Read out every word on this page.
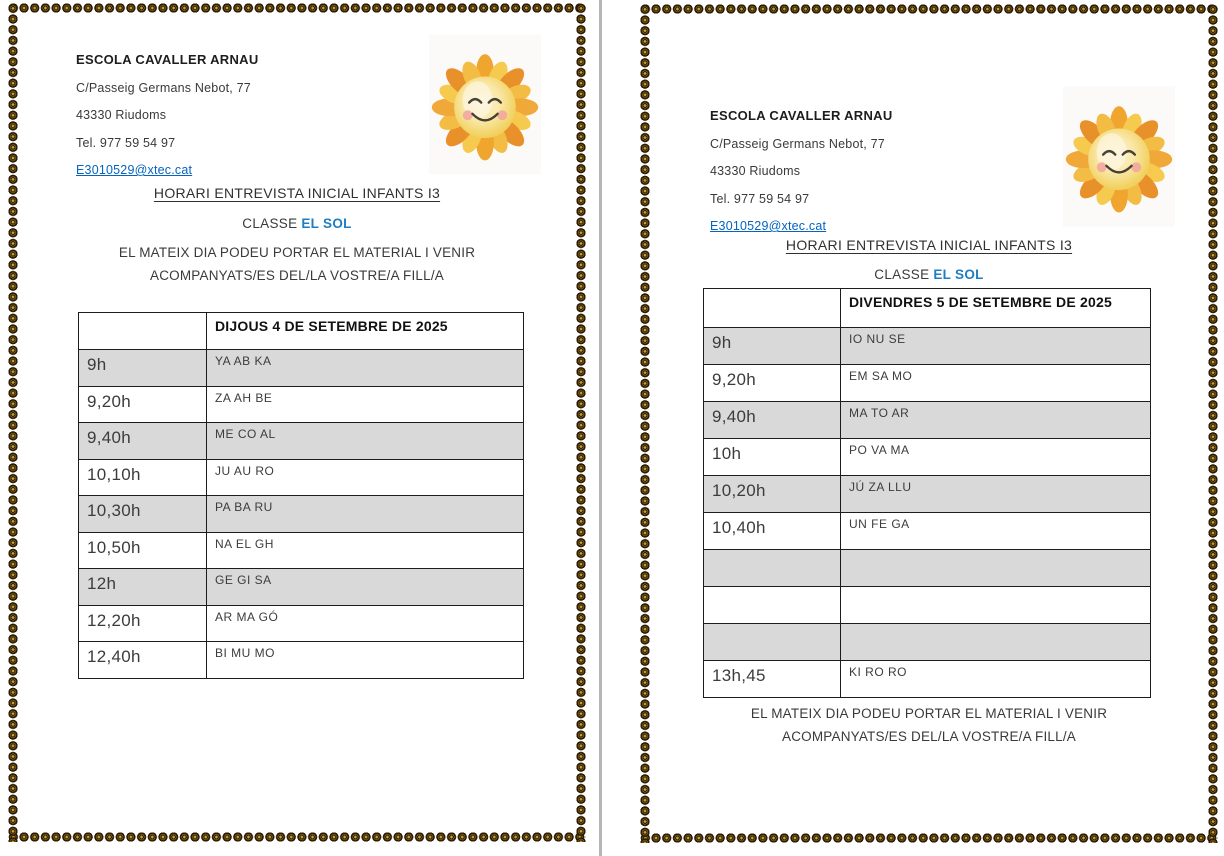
ESCOLA CAVALLER ARNAU
C/Passeig Germans Nebot, 77
43330 Riudoms
Tel. 977 59 54 97
E3010529@xtec.cat
HORARI ENTREVISTA INICIAL INFANTS I3
CLASSE EL SOL
EL MATEIX DIA PODEU PORTAR EL MATERIAL I VENIR
ACOMPANYATS/ES DEL/LA VOSTRE/A FILL/A
	DIJOUS 4 DE SETEMBRE DE 2025
9h	YA AB KA
9,20h	ZA AH BE
9,40h	ME CO AL
10,10h	JU AU RO
10,30h	PA BA RU
10,50h	NA EL GH
12h	GE GI SA
12,20h	AR MA GÓ
12,40h	BI MU MO
ESCOLA CAVALLER ARNAU
C/Passeig Germans Nebot, 77
43330 Riudoms
Tel. 977 59 54 97
E3010529@xtec.cat
HORARI ENTREVISTA INICIAL INFANTS I3
CLASSE EL SOL
	DIVENDRES 5 DE SETEMBRE DE 2025
9h	IO NU SE
9,20h	EM SA MO
9,40h	MA TO AR
10h	PO VA MA
10,20h	JÚ ZA LLU
10,40h	UN FE GA

13h,45	KI RO RO
EL MATEIX DIA PODEU PORTAR EL MATERIAL I VENIR
ACOMPANYATS/ES DEL/LA VOSTRE/A FILL/A
